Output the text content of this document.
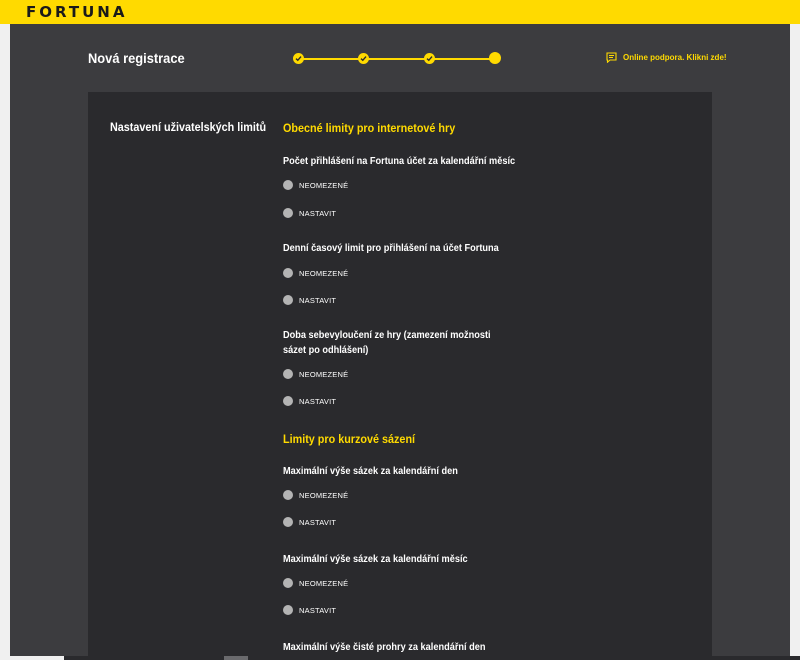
FORTUNA
Nová registrace	Online podpora. Klikni zde!
Nastavení uživatelských limitů Obecné limity pro internetové hry
Počet přihlášení na Fortuna účet za kalendářní měsíc
NEOMEZENÉ
NASTAVIT
Denní časový limit pro přihlášení na účet Fortuna
NEOMEZENÉ
NASTAVIT
Doba sebevyloučení ze hry (zamezení možnosti sázet po odhlášení)
NEOMEZENÉ
NASTAVIT
Limity pro kurzové sázení
Maximální výše sázek za kalendářní den
NEOMEZENÉ
NASTAVIT
Maximální výše sázek za kalendářní měsíc
NEOMEZENÉ
NASTAVIT
Maximální výše čisté prohry za kalendářní den
